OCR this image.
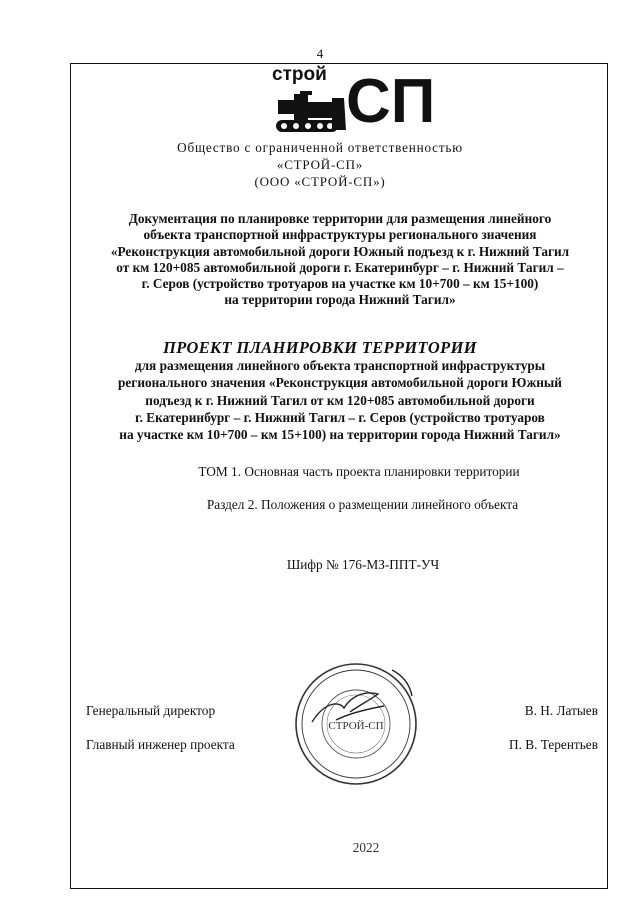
4
строй СП
Общество с ограниченной ответственностью
«СТРОЙ-СП»
(ООО «СТРОЙ-СП»)
Документация по планировке территории для размещения линейного
объекта транспортной инфраструктуры регионального значения
«Реконструкция автомобильной дороги Южный подъезд к г. Нижний Тагил
от км 120+085 автомобильной дороги г. Екатеринбург – г. Нижний Тагил –
г. Серов (устройство тротуаров на участке км 10+700 – км 15+100)
на территории города Нижний Тагил»
ПРОЕКТ ПЛАНИРОВКИ ТЕРРИТОРИИ
для размещения линейного объекта транспортной инфраструктуры
регионального значения «Реконструкция автомобильной дороги Южный
подъезд к г. Нижний Тагил от км 120+085 автомобильной дороги
г. Екатеринбург – г. Нижний Тагил – г. Серов (устройство тротуаров
на участке км 10+700 – км 15+100) на территории города Нижний Тагил»
ТОМ 1. Основная часть проекта планировки территории
Раздел 2. Положения о размещении линейного объекта
Шифр № 176-МЗ-ППТ-УЧ
СТРОЙ-СП
Генеральный директор	В. Н. Латыев
Главный инженер проекта	П. В. Терентьев
2022
